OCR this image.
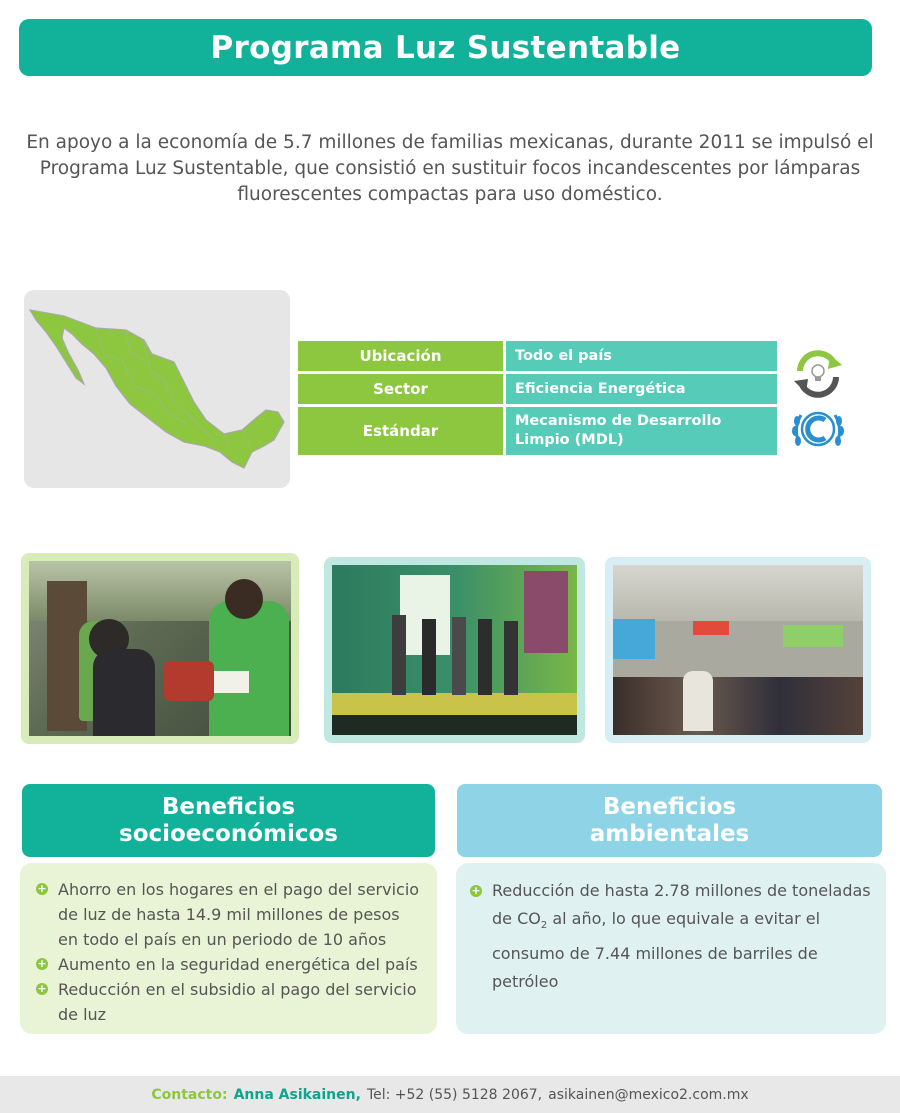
Programa Luz Sustentable

En apoyo a la economía de 5.7 millones de familias mexicanas, durante 2011 se impulsó el Programa Luz Sustentable, que consistió en sustituir focos incandescentes por lámparas fluorescentes compactas para uso doméstico.

Ubicación	Todo el país
Sector	Eficiencia Energética
Estándar
Mecanismo de Desarrollo Limpio (MDL)
Beneficios
socioeconómicos
Beneficios
ambientales
+ Ahorro en los hogares en el pago del servicio de luz de hasta 14.9 mil millones de pesos en todo el país en un periodo de 10 años
+ Aumento en la seguridad energética del país
+ Reducción en el subsidio al pago del servicio de luz
+ Reducción de hasta 2.78 millones de toneladas de $CO_2$ al año, lo que equivale a evitar el consumo de 7.44 millones de barriles de petróleo
Contacto: Anna Asikainen, Tel: +52 (55) 5128 2067, asikainen@mexico2.com.mx
